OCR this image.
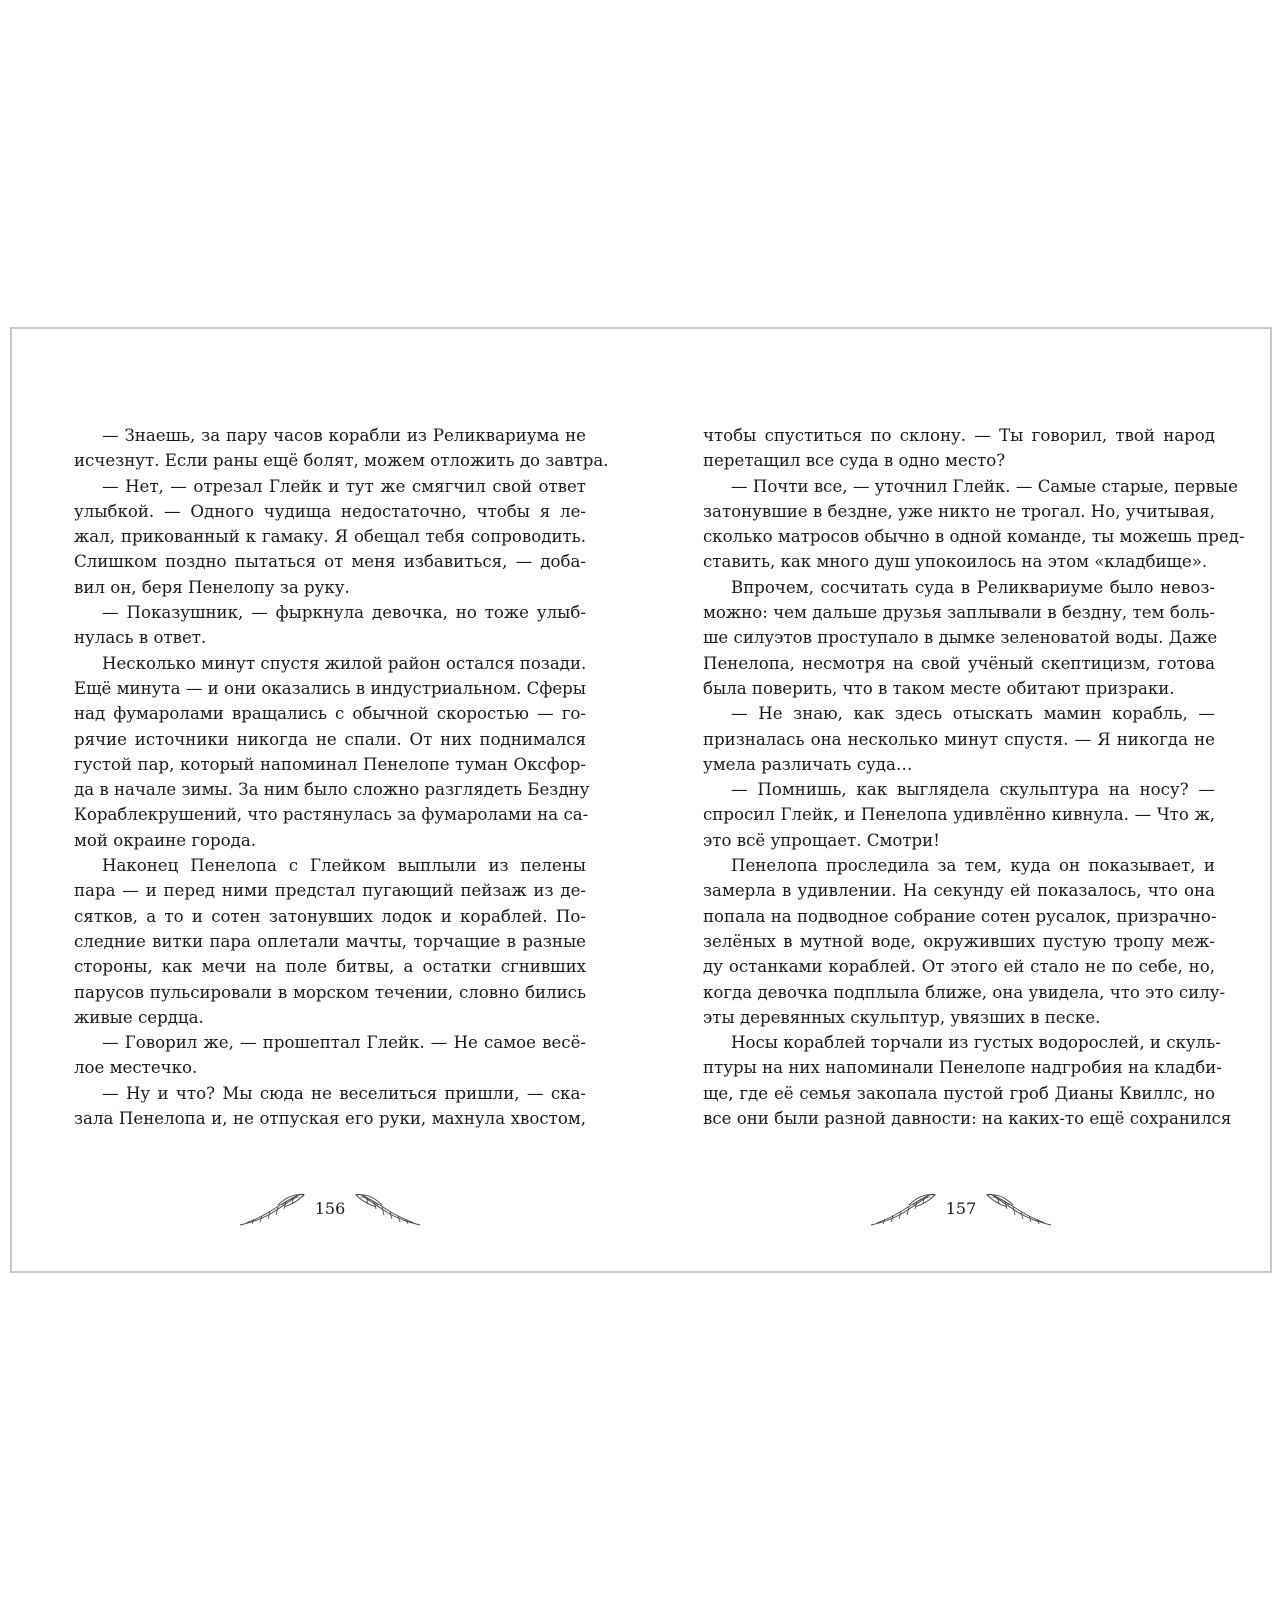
— Знаешь, за пару часов корабли из Реликвариума не
исчезнут. Если раны ещё болят, можем отложить до завтра.
— Нет, — отрезал Глейк и тут же смягчил свой ответ
улыбкой. — Одного чудища недостаточно, чтобы я ле-
жал, прикованный к гамаку. Я обещал тебя сопроводить.
Слишком поздно пытаться от меня избавиться, — доба-
вил он, беря Пенелопу за руку.
— Показушник, — фыркнула девочка, но тоже улыб-
нулась в ответ.
Несколько минут спустя жилой район остался позади.
Ещё минута — и они оказались в индустриальном. Сферы
над фумаролами вращались с обычной скоростью — го-
рячие источники никогда не спали. От них поднимался
густой пар, который напоминал Пенелопе туман Оксфор-
да в начале зимы. За ним было сложно разглядеть Бездну
Кораблекрушений, что растянулась за фумаролами на са-
мой окраине города.
Наконец Пенелопа с Глейком выплыли из пелены
пара — и перед ними предстал пугающий пейзаж из де-
сятков, а то и сотен затонувших лодок и кораблей. По-
следние витки пара оплетали мачты, торчащие в разные
стороны, как мечи на поле битвы, а остатки сгнивших
парусов пульсировали в морском течении, словно бились
живые сердца.
— Говорил же, — прошептал Глейк. — Не самое весё-
лое местечко.
— Ну и что? Мы сюда не веселиться пришли, — ска-
зала Пенелопа и, не отпуская его руки, махнула хвостом,
156
чтобы спуститься по склону. — Ты говорил, твой народ
перетащил все суда в одно место?
— Почти все, — уточнил Глейк. — Самые старые, первые
затонувшие в бездне, уже никто не трогал. Но, учитывая,
сколько матросов обычно в одной команде, ты можешь пред-
ставить, как много душ упокоилось на этом «кладбище».
Впрочем, сосчитать суда в Реликвариуме было невоз-
можно: чем дальше друзья заплывали в бездну, тем боль-
ше силуэтов проступало в дымке зеленоватой воды. Даже
Пенелопа, несмотря на свой учёный скептицизм, готова
была поверить, что в таком месте обитают призраки.
— Не знаю, как здесь отыскать мамин корабль, —
призналась она несколько минут спустя. — Я никогда не
умела различать суда…
— Помнишь, как выглядела скульптура на носу? —
спросил Глейк, и Пенелопа удивлённо кивнула. — Что ж,
это всё упрощает. Смотри!
Пенелопа проследила за тем, куда он показывает, и
замерла в удивлении. На секунду ей показалось, что она
попала на подводное собрание сотен русалок, призрачно-
зелёных в мутной воде, окруживших пустую тропу меж-
ду останками кораблей. От этого ей стало не по себе, но,
когда девочка подплыла ближе, она увидела, что это силу-
эты деревянных скульптур, увязших в песке.
Носы кораблей торчали из густых водорослей, и скуль-
птуры на них напоминали Пенелопе надгробия на кладби-
ще, где её семья закопала пустой гроб Дианы Квиллс, но
все они были разной давности: на каких-то ещё сохранился
157
